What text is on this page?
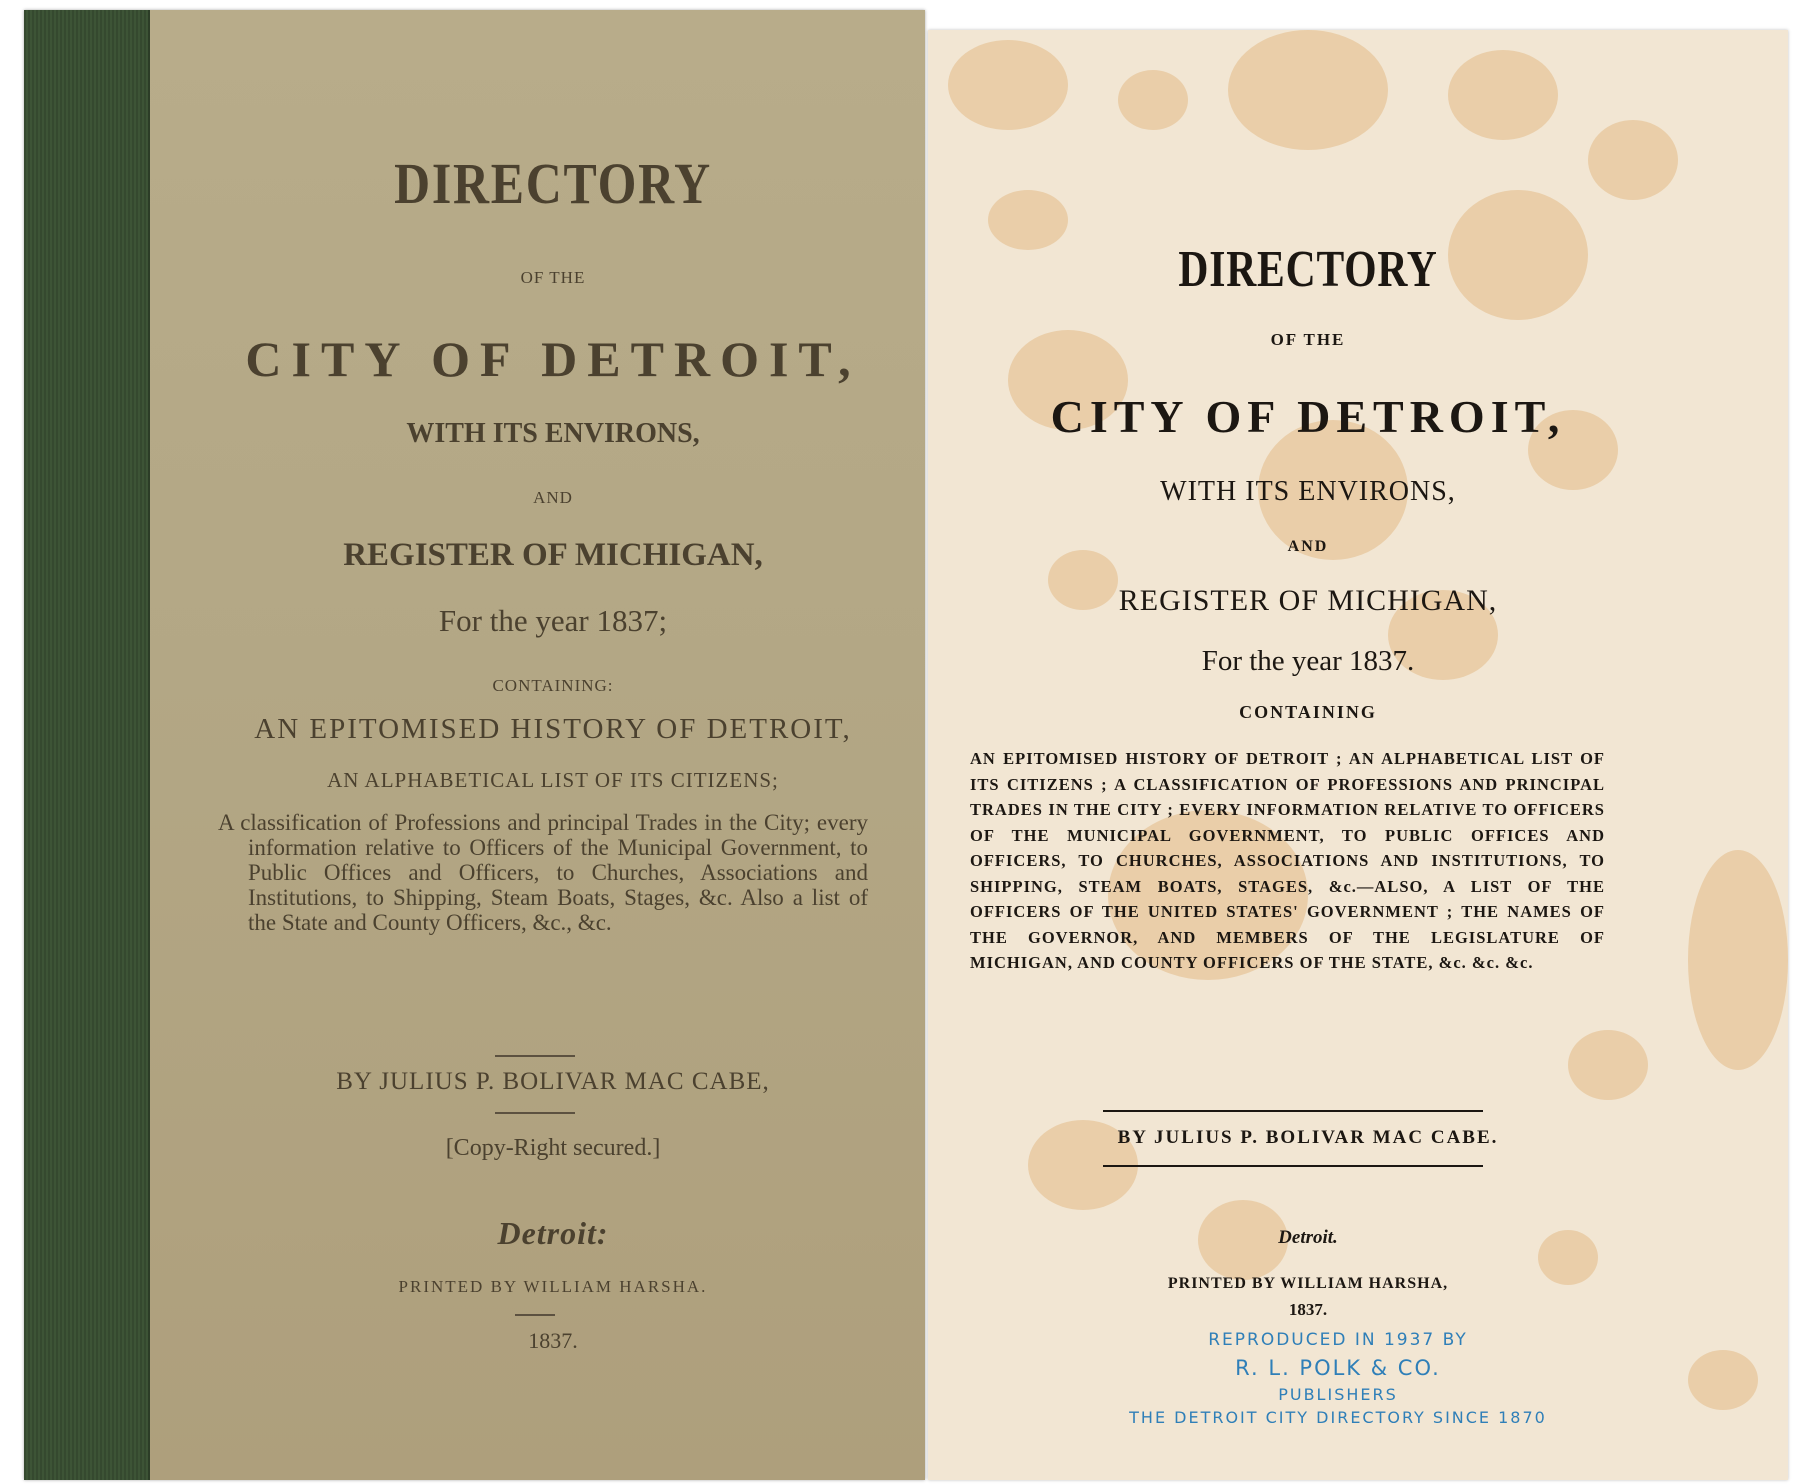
DIRECTORY
OF THE
CITY OF DETROIT,
WITH ITS ENVIRONS,
AND
REGISTER OF MICHIGAN,
For the year 1837;
CONTAINING:
AN EPITOMISED HISTORY OF DETROIT,
AN ALPHABETICAL LIST OF ITS CITIZENS;
A classification of Professions and principal Trades in the City; every information relative to Officers of the Municipal Government, to Public Offices and Officers, to Churches, Associations and Institutions, to Shipping, Steam Boats, Stages, &c. Also a list of the State and County Officers, &c., &c.
BY JULIUS P. BOLIVAR MAC CABE,
[Copy-Right secured.]
Detroit:
PRINTED BY WILLIAM HARSHA.
1837.
DIRECTORY
OF THE
CITY OF DETROIT,
WITH ITS ENVIRONS,
AND
REGISTER OF MICHIGAN,
For the year 1837.
CONTAINING
AN EPITOMISED HISTORY OF DETROIT ; AN ALPHABETICAL LIST OF ITS CITIZENS ; A CLASSIFICATION OF PROFESSIONS AND PRINCIPAL TRADES IN THE CITY ; EVERY INFORMATION RELATIVE TO OFFICERS OF THE MUNICIPAL GOVERNMENT, TO PUBLIC OFFICES AND OFFICERS, TO CHURCHES, ASSOCIATIONS AND INSTITUTIONS, TO SHIPPING, STEAM BOATS, STAGES, &c.—ALSO, A LIST OF THE OFFICERS OF THE UNITED STATES' GOVERNMENT ; THE NAMES OF THE GOVERNOR, AND MEMBERS OF THE LEGISLATURE OF MICHIGAN, AND COUNTY OFFICERS OF THE STATE, &c. &c. &c.
BY JULIUS P. BOLIVAR MAC CABE.
Detroit.
PRINTED BY WILLIAM HARSHA,
1837.
REPRODUCED IN 1937 BY
R. L. POLK & CO.
PUBLISHERS
THE DETROIT CITY DIRECTORY SINCE 1870
